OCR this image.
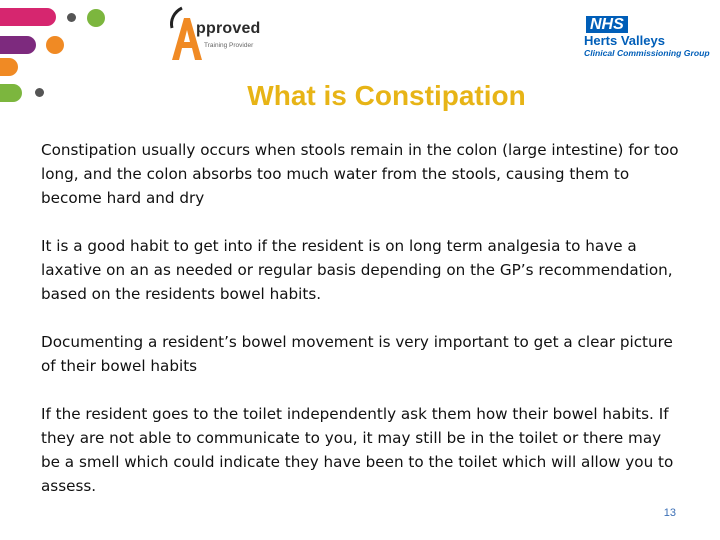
pproved
Training Provider
NHS
Herts Valleys
Clinical Commissioning Group
What is Constipation

Constipation usually occurs when stools remain in the colon (large intestine) for too long, and the colon absorbs too much water from the stools, causing them to become hard and dry

It is a good habit to get into if the resident is on long term analgesia to have a laxative on an as needed or regular basis depending on the GP’s recommendation, based on the residents bowel habits.

Documenting a resident’s bowel movement is very important to get a clear picture of their bowel habits

If the resident goes to the toilet independently ask them how their bowel habits. If they are not able to communicate to you, it may still be in the toilet or there may be a smell which could indicate they have been to the toilet which will allow you to assess.

13
